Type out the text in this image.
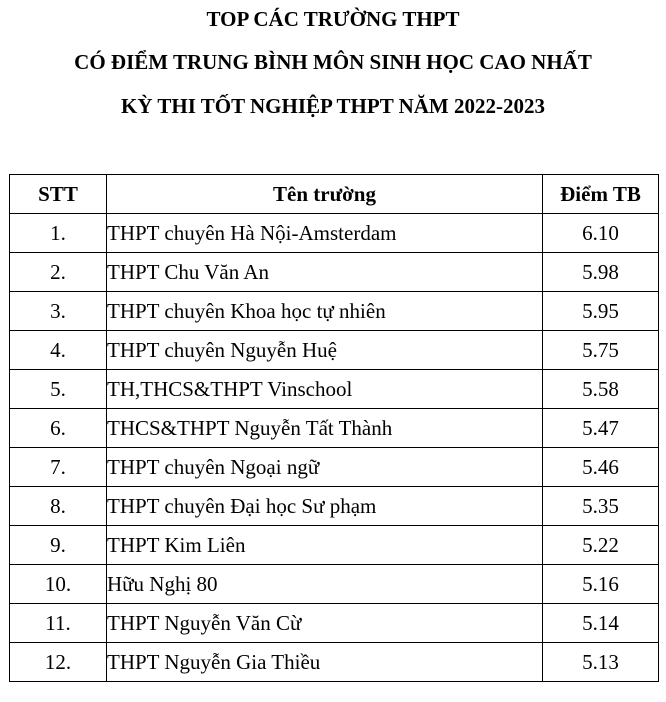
TOP CÁC TRƯỜNG THPT
CÓ ĐIỂM TRUNG BÌNH MÔN SINH HỌC CAO NHẤT
KỲ THI TỐT NGHIỆP THPT NĂM 2022-2023
STT	Tên trường	Điểm TB
1.	THPT chuyên Hà Nội-Amsterdam	6.10
2.	THPT Chu Văn An	5.98
3.	THPT chuyên Khoa học tự nhiên	5.95
4.	THPT chuyên Nguyễn Huệ	5.75
5.	TH,THCS&THPT Vinschool	5.58
6.	THCS&THPT Nguyễn Tất Thành	5.47
7.	THPT chuyên Ngoại ngữ	5.46
8.	THPT chuyên Đại học Sư phạm	5.35
9.	THPT Kim Liên	5.22
10.	Hữu Nghị 80	5.16
11.	THPT Nguyễn Văn Cừ	5.14
12.	THPT Nguyễn Gia Thiều	5.13
